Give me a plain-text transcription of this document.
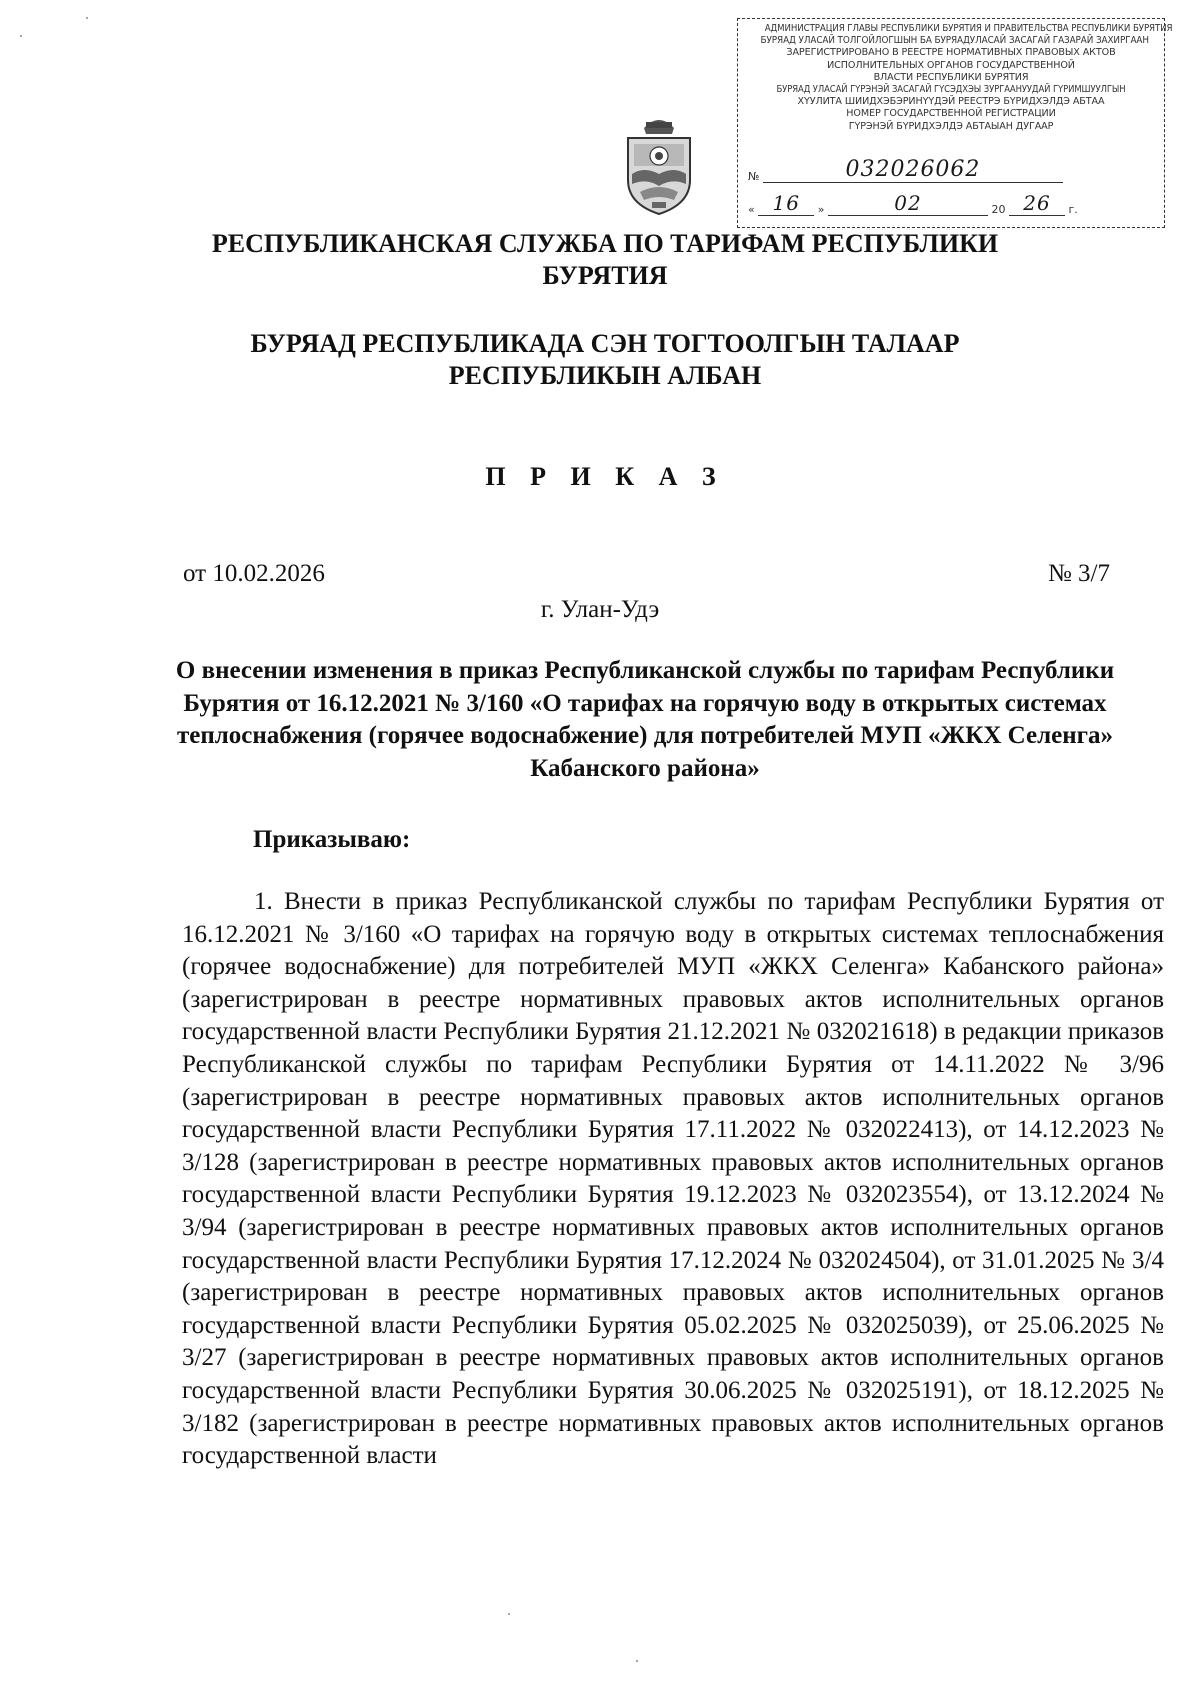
АДМИНИСТРАЦИЯ ГЛАВЫ РЕСПУБЛИКИ БУРЯТИЯ И ПРАВИТЕЛЬСТВА РЕСПУБЛИКИ БУРЯТИЯ
БУРЯАД УЛАСАЙ ТОЛГОЙЛОГШЫН БА БУРЯАДУЛАСАЙ ЗАСАГАЙ ГАЗАРАЙ ЗАХИРГААН
ЗАРЕГИСТРИРОВАНО В РЕЕСТРЕ НОРМАТИВНЫХ ПРАВОВЫХ АКТОВ
ИСПОЛНИТЕЛЬНЫХ ОРГАНОВ ГОСУДАРСТВЕННОЙ
ВЛАСТИ РЕСПУБЛИКИ БУРЯТИЯ
БУРЯАД УЛАСАЙ ГҮРЭНЭЙ ЗАСАГАЙ ГҮСЭДХЭЫ ЗУРГААНУУДАЙ ГҮРИМШУУЛГЫН
ХҮУЛИТА ШИИДХЭБЭРИНҮҮДЭЙ РЕЕСТРЭ БҮРИДХЭЛДЭ АБТАА
НОМЕР ГОСУДАРСТВЕННОЙ РЕГИСТРАЦИИ
ГҮРЭНЭЙ БҮРИДХЭЛДЭ АБТАЫАН ДУГААР
№	032026062
« 16 »	02	20 26 г.
РЕСПУБЛИКАНСКАЯ СЛУЖБА ПО ТАРИФАМ РЕСПУБЛИКИ БУРЯТИЯ
БУРЯАД РЕСПУБЛИКАДА СЭН ТОГТООЛГЫН ТАЛААР РЕСПУБЛИКЫН АЛБАН
П Р И К А З
от 10.02.2026	№ 3/7
г. Улан-Удэ
О внесении изменения в приказ Республиканской службы по тарифам Республики Бурятия от 16.12.2021 № 3/160 «О тарифах на горячую воду в открытых системах теплоснабжения (горячее водоснабжение) для потребителей МУП «ЖКХ Селенга» Кабанского района»
Приказываю:

1. Внести в приказ Республиканской службы по тарифам Республики Бурятия от 16.12.2021 № 3/160 «О тарифах на горячую воду в открытых системах теплоснабжения (горячее водоснабжение) для потребителей МУП «ЖКХ Селенга» Кабанского района» (зарегистрирован в реестре нормативных правовых актов исполнительных органов государственной власти Республики Бурятия 21.12.2021 № 032021618) в редакции приказов Республиканской службы по тарифам Республики Бурятия от 14.11.2022 № 3/96 (зарегистрирован в реестре нормативных правовых актов исполнительных органов государственной власти Республики Бурятия 17.11.2022 № 032022413), от 14.12.2023 № 3/128 (зарегистрирован в реестре нормативных правовых актов исполнительных органов государственной власти Республики Бурятия 19.12.2023 № 032023554), от 13.12.2024 № 3/94 (зарегистрирован в реестре нормативных правовых актов исполнительных органов государственной власти Республики Бурятия 17.12.2024 № 032024504), от 31.01.2025 № 3/4 (зарегистрирован в реестре нормативных правовых актов исполнительных органов государственной власти Республики Бурятия 05.02.2025 № 032025039), от 25.06.2025 № 3/27 (зарегистрирован в реестре нормативных правовых актов исполнительных органов государственной власти Республики Бурятия 30.06.2025 № 032025191), от 18.12.2025 № 3/182 (зарегистрирован в реестре нормативных правовых актов исполнительных органов государственной власти
